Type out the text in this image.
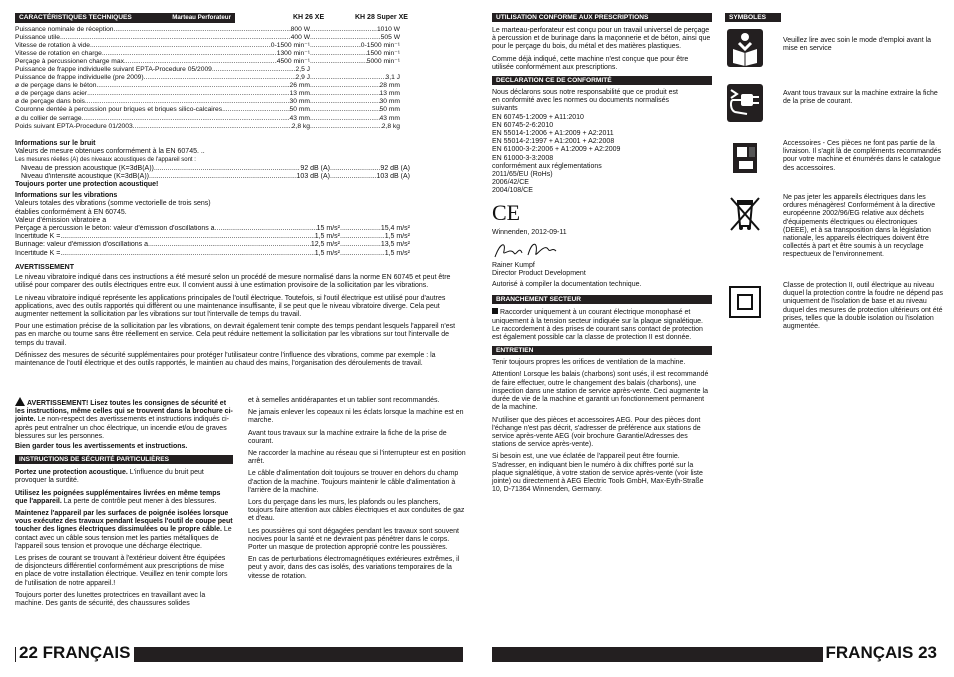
CARACTÉRISTIQUES TECHNIQUES	Marteau Perforateur	KH 26 XE	KH 28 Super XE
Puissance nominale de réception .....	800 W .....	1010 W
Puissance utile .....	400 W .....	505 W
Vitesse de rotation à vide .....	0-1500 min⁻¹ .....	0-1500 min⁻¹
Vitesse de rotation en charge .....	1300 min⁻¹ .....	1500 min⁻¹
Perçage à percussionen charge max. .....	4500 min⁻¹ .....	5000 min⁻¹
Puissance de frappe individuelle suivant EPTA-Procedure 05/2009 .....	2,5 J
Puissance de frappe individuelle (pre 2009) .....	2,9 J .....	3,1 J
ø de perçage dans le béton .....	26 mm .....	28 mm
ø de perçage dans acier .....	13 mm .....	13 mm
ø de perçage dans bois .....	30 mm .....	30 mm
Couronne dentée à percussion pour briques et briques silico-calcaires .....	50 mm .....	50 mm
ø du collier de serrage .....	43 mm .....	43 mm
Poids suivant EPTA-Procedure 01/2003 .....	2,8 kg .....	2,8 kg
Informations sur le bruit
Valeurs de mesure obtenues conformément à la EN 60745. ..
Les mesures réelles (A) des niveaux acoustiques de l'appareil sont :
Niveau de pression acoustique (K=3dB(A)) .....	92 dB (A) .....	92 dB (A)
Niveau d'intensité acoustique (K=3dB(A)) .....	103 dB (A) .....	103 dB (A)
Toujours porter une protection acoustique!
Informations sur les vibrations
Valeurs totales des vibrations (somme vectorielle de trois sens) établies conformément à EN 60745.
Valeur d'émission vibratoire a
Perçage à percussion le béton: valeur d'émission d'oscillations a .....	15 m/s² .....	15,4 m/s²
Incertitude K = .....	1,5 m/s² .....	1,5 m/s²
Burinage: valeur d'émission d'oscillations a .....	12,5 m/s² .....	13,5 m/s²
Incertitude K = .....	1,5 m/s² .....	1,5 m/s²
AVERTISSEMENT

Le niveau vibratoire indiqué dans ces instructions a été mesuré selon un procédé de mesure normalisé dans la norme EN 60745 et peut être utilisé pour comparer des outils électriques entre eux. Il convient aussi à une estimation provisoire de la sollicitation par les vibrations.

Le niveau vibratoire indiqué représente les applications principales de l'outil électrique. Toutefois, si l'outil électrique est utilisé pour d'autres applications, avec des outils rapportés qui diffèrent ou une maintenance insuffisante, il se peut que le niveau vibratoire diverge. Cela peut augmenter nettement la sollicitation par les vibrations sur tout l'intervalle de temps du travail.

Pour une estimation précise de la sollicitation par les vibrations, on devrait également tenir compte des temps pendant lesquels l'appareil n'est pas en marche ou tourne sans être réellement en service. Cela peut réduire nettement la sollicitation par les vibrations sur tout l'intervalle de temps du travail.

Définissez des mesures de sécurité supplémentaires pour protéger l'utilisateur contre l'influence des vibrations, comme par exemple : la maintenance de l'outil électrique et des outils rapportés, le maintien au chaud des mains, l'organisation des déroulements de travail.

AVERTISSEMENT! Lisez toutes les consignes de sécurité et les instructions, même celles qui se trouvent dans la brochure ci-jointe. Le non-respect des avertissements et instructions indiqués ci-après peut entraîner un choc électrique, un incendie et/ou de graves blessures sur les personnes.

Bien garder tous les avertissements et instructions.

INSTRUCTIONS DE SÉCURITÉ PARTICULIÈRES

Portez une protection acoustique. L'influence du bruit peut provoquer la surdité.

Utilisez les poignées supplémentaires livrées en même temps que l'appareil. La perte de contrôle peut mener à des blessures.

Maintenez l'appareil par les surfaces de poignée isolées lorsque vous exécutez des travaux pendant lesquels l'outil de coupe peut toucher des lignes électriques dissimulées ou le propre câble. Le contact avec un câble sous tension met les parties métalliques de l'appareil sous tension et provoque une décharge électrique.

Les prises de courant se trouvant à l'extérieur doivent être équipées de disjoncteurs différentiel conformément aux prescriptions de mise en place de votre installation électrique. Veuillez en tenir compte lors de l'utilisation de notre appareil.!

Toujours porter des lunettes protectrices en travaillant avec la machine. Des gants de sécurité, des chaussures solides

et à semelles antidérapantes et un tablier sont recommandés.

Ne jamais enlever les copeaux ni les éclats lorsque la machine est en marche.

Avant tous travaux sur la machine extraire la fiche de la prise de courant.

Ne raccorder la machine au réseau que si l'interrupteur est en position arrêt.

Le câble d'alimentation doit toujours se trouver en dehors du champ d'action de la machine. Toujours maintenir le câble d'alimentation à l'arrière de la machine.

Lors du perçage dans les murs, les plafonds ou les planchers, toujours faire attention aux câbles électriques et aux conduites de gaz et d'eau.

Les poussières qui sont dégagées pendant les travaux sont souvent nocives pour la santé et ne devraient pas pénétrer dans le corps. Porter un masque de protection approprié contre les poussières.

En cas de perturbations électromagnétiques extérieures extrêmes, il peut y avoir, dans des cas isolés, des variations temporaires de la vitesse de rotation.

22 FRANÇAIS
UTILISATION CONFORME AUX PRESCRIPTIONS

Le marteau-perforateur est conçu pour un travail universel de perçage à percussion et de burinage dans la maçonnerie et de béton, ainsi que pour le perçage du bois, du métal et des matières plastiques.

Comme déjà indiqué, cette machine n'est conçue que pour être utilisée conformément aux prescriptions.

DECLARATION CE DE CONFORMITÉ
Nous déclarons sous notre responsabilité que ce produit est
en conformité avec les normes ou documents normalisés
suivants
EN 60745-1:2009 + A11:2010
EN 60745-2-6:2010
EN 55014-1:2006 + A1:2009 + A2:2011
EN 55014-2:1997 + A1:2001 + A2:2008
EN 61000-3-2:2006 + A1:2009 + A2:2009
EN 61000-3-3:2008
conformément aux réglementations
2011/65/EU (RoHs)
2006/42/CE
2004/108/CE
CE
Winnenden, 2012-09-11
Rainer Kumpf
Director Product Development
Autorisé à compiler la documentation technique.
BRANCHEMENT SECTEUR

Raccorder uniquement à un courant électrique monophasé et uniquement à la tension secteur indiquée sur la plaque signalétique. Le raccordement à des prises de courant sans contact de protection est également possible car la classe de protection II est donnée.

ENTRETIEN

Tenir toujours propres les orifices de ventilation de la machine.

Attention! Lorsque les balais (charbons) sont usés, il est recommandé de faire effectuer, outre le changement des balais (charbons), une inspection dans une station de service après-vente. Ceci augmente la durée de vie de la machine et garantit un fonctionnement permanent de la machine.

N'utiliser que des pièces et accessoires AEG. Pour des pièces dont l'échange n'est pas décrit, s'adresser de préférence aux stations de service après-vente AEG (voir brochure Garantie/Adresses des stations de service après-vente).

Si besoin est, une vue éclatée de l'appareil peut être fournie. S'adresser, en indiquant bien le numéro à dix chiffres porté sur la plaque signalétique, à votre station de service après-vente (voir liste jointe) ou directement à AEG Electric Tools GmbH, Max-Eyth-Straße 10, D-71364 Winnenden, Germany.

SYMBOLES
Veuillez lire avec soin le mode d'emploi avant la mise en service
Avant tous travaux sur la machine extraire la fiche de la prise de courant.
Accessoires - Ces pièces ne font pas partie de la livraison. Il s'agit là de compléments recommandés pour votre machine et énumérés dans le catalogue des accessoires.
Ne pas jeter les appareils électriques dans les ordures ménagères! Conformément à la directive européenne 2002/96/EG relative aux déchets d'équipements électriques ou électroniques (DEEE), et à sa transposition dans la législation nationale, les appareils électriques doivent être collectés à part et être soumis à un recyclage respectueux de l'environnement.
Classe de protection II, outil électrique au niveau duquel la protection contre la foudre ne dépend pas uniquement de l'isolation de base et au niveau duquel des mesures de protection ultérieurs ont été prises, telles que la double isolation ou l'isolation augmentée.
FRANÇAIS 23
